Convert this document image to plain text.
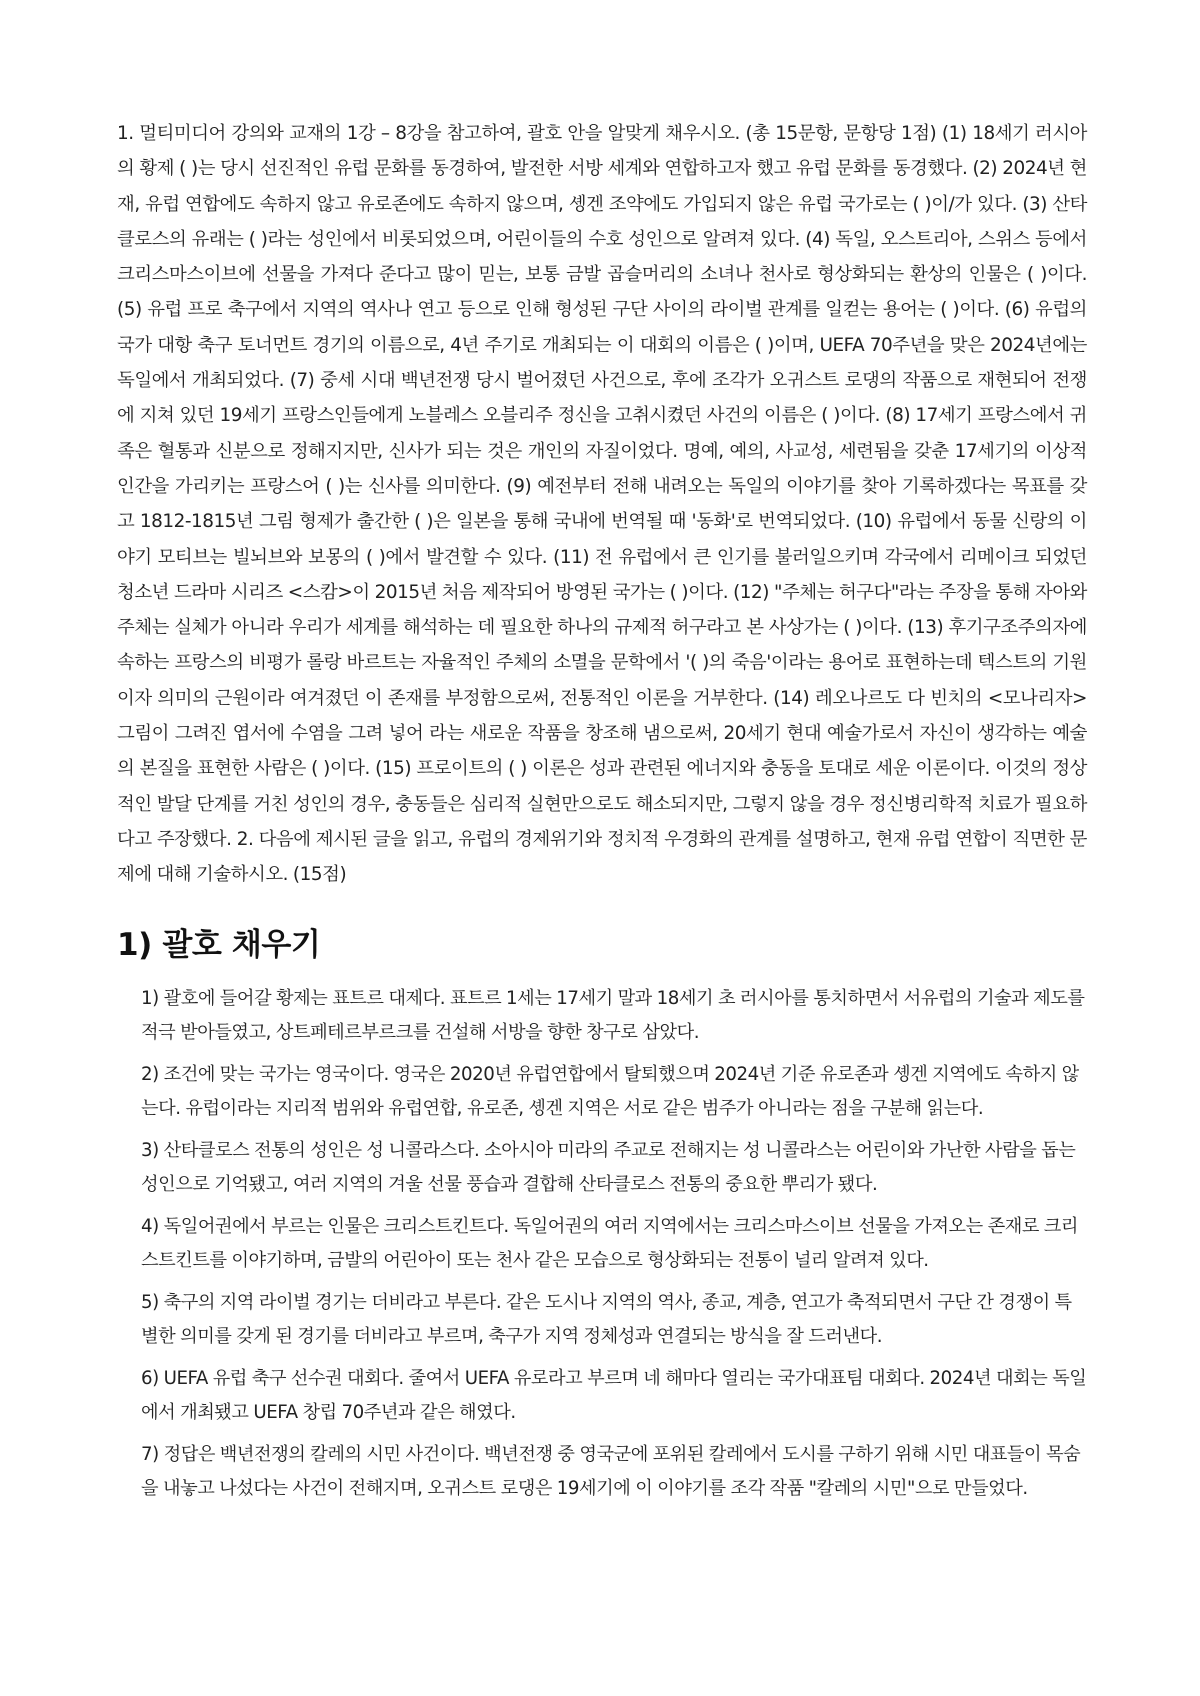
1. 멀티미디어 강의와 교재의 1강 – 8강을 참고하여, 괄호 안을 알맞게 채우시오. (총 15문항, 문항당 1점) (1) 18세기 러시아의 황제 ( )는 당시 선진적인 유럽 문화를 동경하여, 발전한 서방 세계와 연합하고자 했고 유럽 문화를 동경했다. (2) 2024년 현재, 유럽 연합에도 속하지 않고 유로존에도 속하지 않으며, 솅겐 조약에도 가입되지 않은 유럽 국가로는 ( )이/가 있다. (3) 산타클로스의 유래는 ( )라는 성인에서 비롯되었으며, 어린이들의 수호 성인으로 알려져 있다. (4) 독일, 오스트리아, 스위스 등에서 크리스마스이브에 선물을 가져다 준다고 많이 믿는, 보통 금발 곱슬머리의 소녀나 천사로 형상화되는 환상의 인물은 ( )이다. (5) 유럽 프로 축구에서 지역의 역사나 연고 등으로 인해 형성된 구단 사이의 라이벌 관계를 일컫는 용어는 ( )이다. (6) 유럽의 국가 대항 축구 토너먼트 경기의 이름으로, 4년 주기로 개최되는 이 대회의 이름은 ( )이며, UEFA 70주년을 맞은 2024년에는 독일에서 개최되었다. (7) 중세 시대 백년전쟁 당시 벌어졌던 사건으로, 후에 조각가 오귀스트 로댕의 작품으로 재현되어 전쟁에 지쳐 있던 19세기 프랑스인들에게 노블레스 오블리주 정신을 고취시켰던 사건의 이름은 ( )이다. (8) 17세기 프랑스에서 귀족은 혈통과 신분으로 정해지지만, 신사가 되는 것은 개인의 자질이었다. 명예, 예의, 사교성, 세련됨을 갖춘 17세기의 이상적 인간을 가리키는 프랑스어 ( )는 신사를 의미한다. (9) 예전부터 전해 내려오는 독일의 이야기를 찾아 기록하겠다는 목표를 갖고 1812-1815년 그림 형제가 출간한 ( )은 일본을 통해 국내에 번역될 때 '동화'로 번역되었다. (10) 유럽에서 동물 신랑의 이야기 모티브는 빌뇌브와 보몽의 ( )에서 발견할 수 있다. (11) 전 유럽에서 큰 인기를 불러일으키며 각국에서 리메이크 되었던 청소년 드라마 시리즈 <스캄>이 2015년 처음 제작되어 방영된 국가는 ( )이다. (12) "주체는 허구다"라는 주장을 통해 자아와 주체는 실체가 아니라 우리가 세계를 해석하는 데 필요한 하나의 규제적 허구라고 본 사상가는 ( )이다. (13) 후기구조주의자에 속하는 프랑스의 비평가 롤랑 바르트는 자율적인 주체의 소멸을 문학에서 '( )의 죽음'이라는 용어로 표현하는데 텍스트의 기원이자 의미의 근원이라 여겨졌던 이 존재를 부정함으로써, 전통적인 이론을 거부한다. (14) 레오나르도 다 빈치의 <모나리자> 그림이 그려진 엽서에 수염을 그려 넣어 라는 새로운 작품을 창조해 냄으로써, 20세기 현대 예술가로서 자신이 생각하는 예술의 본질을 표현한 사람은 ( )이다. (15) 프로이트의 ( ) 이론은 성과 관련된 에너지와 충동을 토대로 세운 이론이다. 이것의 정상적인 발달 단계를 거친 성인의 경우, 충동들은 심리적 실현만으로도 해소되지만, 그렇지 않을 경우 정신병리학적 치료가 필요하다고 주장했다. 2. 다음에 제시된 글을 읽고, 유럽의 경제위기와 정치적 우경화의 관계를 설명하고, 현재 유럽 연합이 직면한 문제에 대해 기술하시오. (15점)

1) 괄호 채우기
1) 괄호에 들어갈 황제는 표트르 대제다. 표트르 1세는 17세기 말과 18세기 초 러시아를 통치하면서 서유럽의 기술과 제도를 적극 받아들였고, 상트페테르부르크를 건설해 서방을 향한 창구로 삼았다.
2) 조건에 맞는 국가는 영국이다. 영국은 2020년 유럽연합에서 탈퇴했으며 2024년 기준 유로존과 솅겐 지역에도 속하지 않는다. 유럽이라는 지리적 범위와 유럽연합, 유로존, 솅겐 지역은 서로 같은 범주가 아니라는 점을 구분해 읽는다.
3) 산타클로스 전통의 성인은 성 니콜라스다. 소아시아 미라의 주교로 전해지는 성 니콜라스는 어린이와 가난한 사람을 돕는 성인으로 기억됐고, 여러 지역의 겨울 선물 풍습과 결합해 산타클로스 전통의 중요한 뿌리가 됐다.
4) 독일어권에서 부르는 인물은 크리스트킨트다. 독일어권의 여러 지역에서는 크리스마스이브 선물을 가져오는 존재로 크리스트킨트를 이야기하며, 금발의 어린아이 또는 천사 같은 모습으로 형상화되는 전통이 널리 알려져 있다.
5) 축구의 지역 라이벌 경기는 더비라고 부른다. 같은 도시나 지역의 역사, 종교, 계층, 연고가 축적되면서 구단 간 경쟁이 특별한 의미를 갖게 된 경기를 더비라고 부르며, 축구가 지역 정체성과 연결되는 방식을 잘 드러낸다.
6) UEFA 유럽 축구 선수권 대회다. 줄여서 UEFA 유로라고 부르며 네 해마다 열리는 국가대표팀 대회다. 2024년 대회는 독일에서 개최됐고 UEFA 창립 70주년과 같은 해였다.
7) 정답은 백년전쟁의 칼레의 시민 사건이다. 백년전쟁 중 영국군에 포위된 칼레에서 도시를 구하기 위해 시민 대표들이 목숨을 내놓고 나섰다는 사건이 전해지며, 오귀스트 로댕은 19세기에 이 이야기를 조각 작품 "칼레의 시민"으로 만들었다.
